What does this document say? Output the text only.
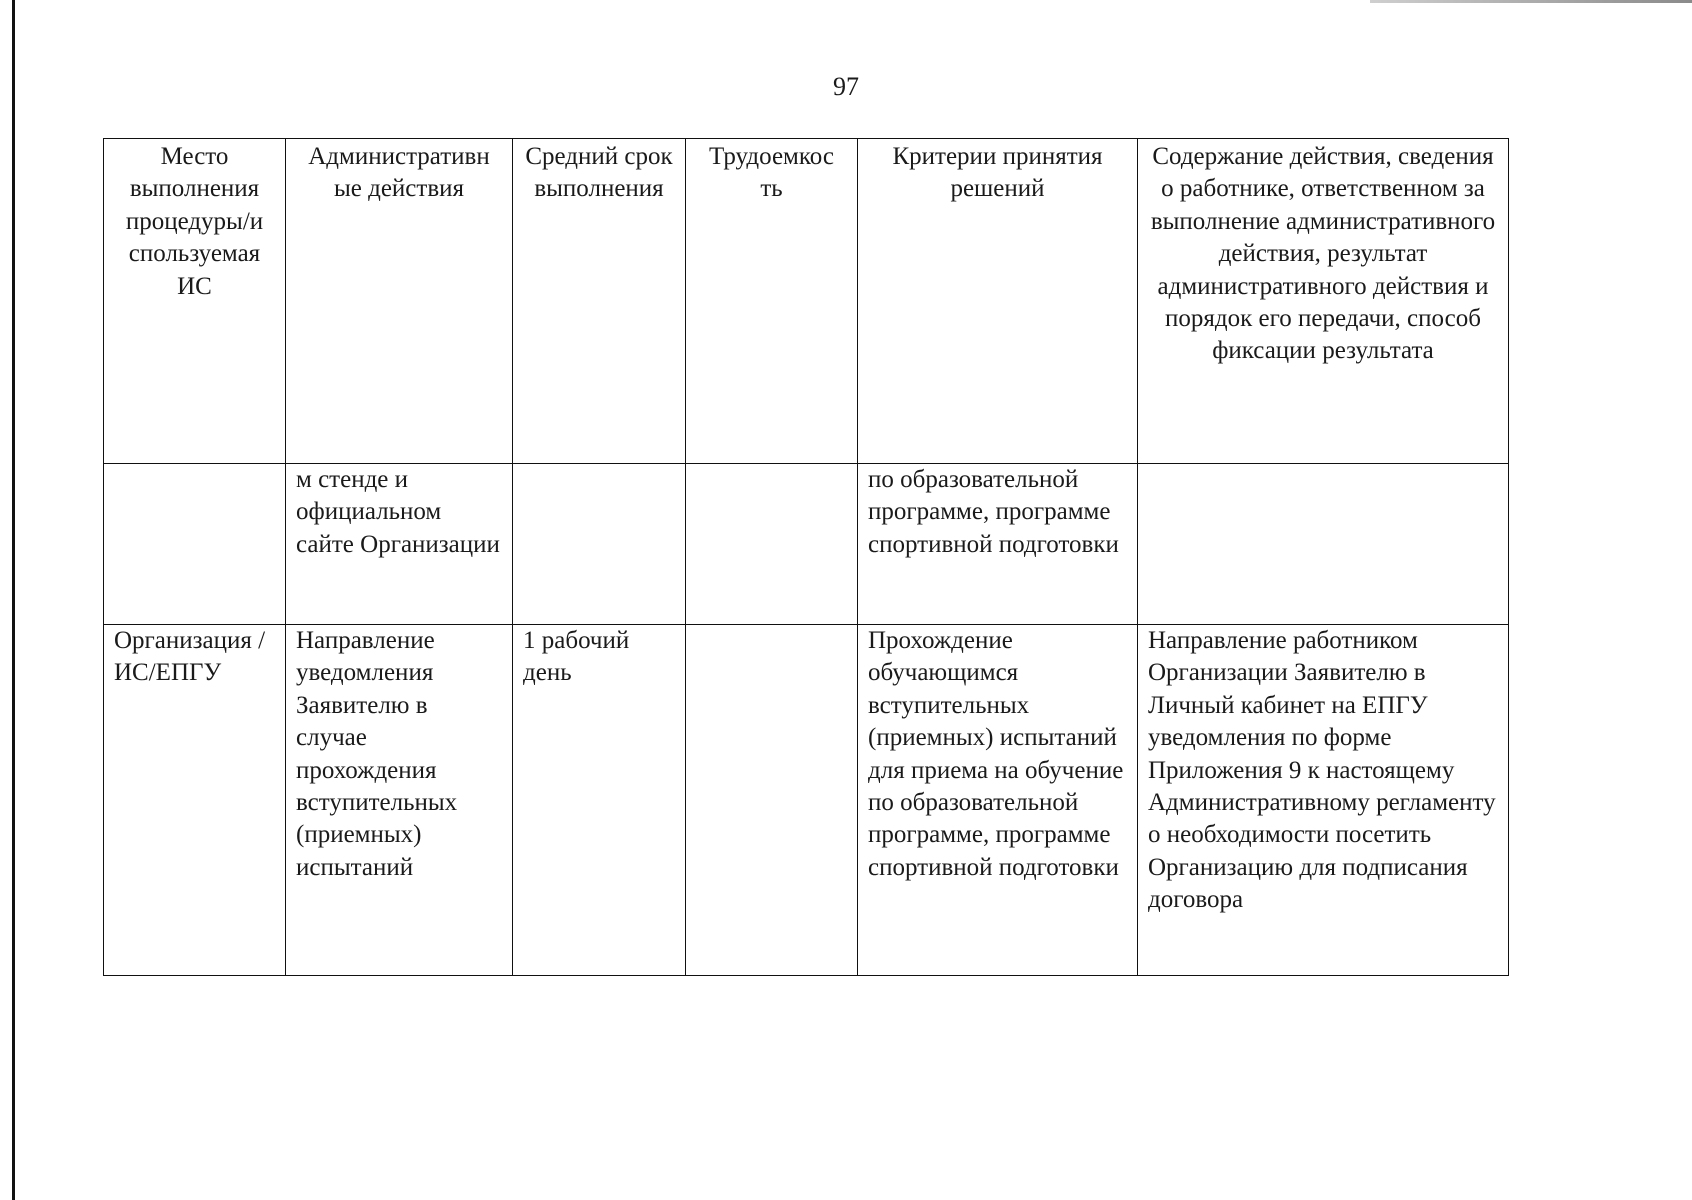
97
Место выполнения процедуры/и спользуемая ИС	Административн ые действия	Средний срок выполнения	Трудоемкос ть	Критерии принятия решений	Содержание действия, сведения о работнике, ответственном за выполнение административного действия, результат административного действия и порядок его передачи, способ фиксации результата
	м стенде и официальном сайте Организации			по образовательной программе, программе спортивной подготовки	
Организация /ИС/ЕПГУ	Направление уведомления Заявителю в случае прохождения вступительных (приемных) испытаний	1 рабочий день		Прохождение обучающимся вступительных (приемных) испытаний для приема на обучение по образовательной программе, программе спортивной подготовки	Направление работником Организации Заявителю в Личный кабинет на ЕПГУ уведомления по форме Приложения 9 к настоящему Административному регламенту о необходимости посетить Организацию для подписания договора
